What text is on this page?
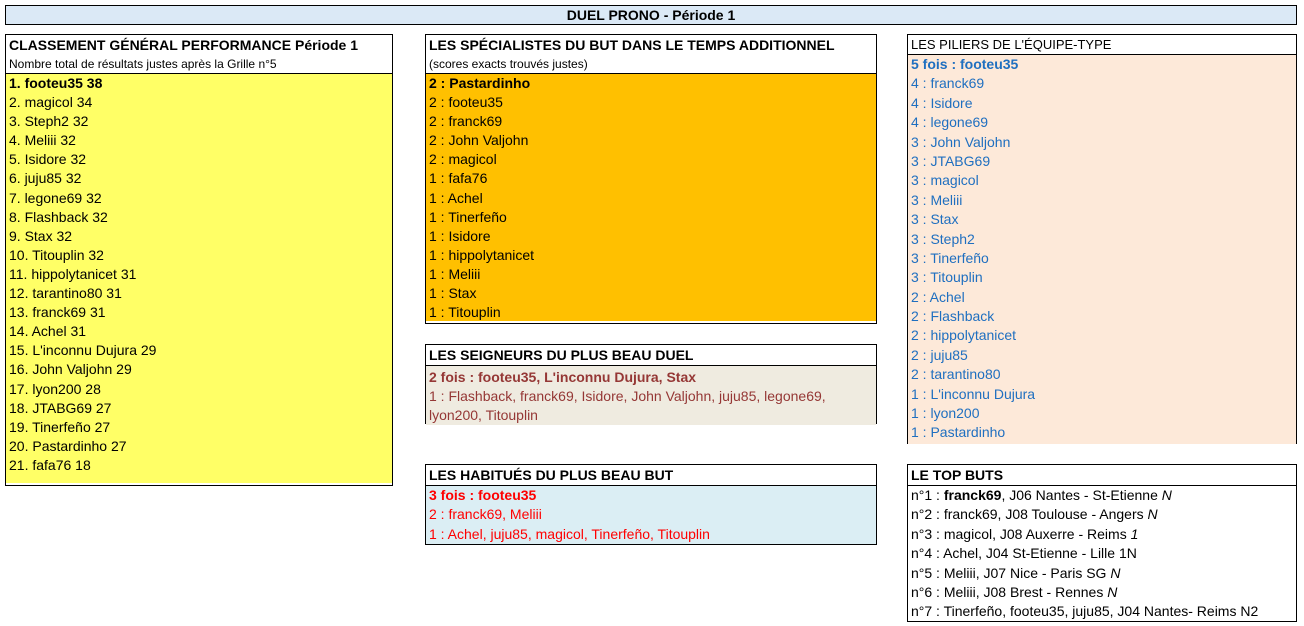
DUEL PRONO - Période 1
CLASSEMENT GÉNÉRAL PERFORMANCE Période 1
Nombre total de résultats justes après la Grille n°5
1. footeu35 38
2. magicol 34
3. Steph2 32
4. Meliii 32
5. Isidore 32
6. juju85 32
7. legone69 32
8. Flashback 32
9. Stax 32
10. Titouplin 32
11. hippolytanicet 31
12. tarantino80 31
13. franck69 31
14. Achel 31
15. L'inconnu Dujura 29
16. John Valjohn 29
17. lyon200 28
18. JTABG69 27
19. Tinerfeño 27
20. Pastardinho 27
21. fafa76 18
LES SPÉCIALISTES DU BUT DANS LE TEMPS ADDITIONNEL
(scores exacts trouvés justes)
2 : Pastardinho
2 : footeu35
2 : franck69
2 : John Valjohn
2 : magicol
1 : fafa76
1 : Achel
1 : Tinerfeño
1 : Isidore
1 : hippolytanicet
1 : Meliii
1 : Stax
1 : Titouplin
LES SEIGNEURS DU PLUS BEAU DUEL
2 fois : footeu35, L'inconnu Dujura, Stax
1 : Flashback, franck69, Isidore, John Valjohn, juju85, legone69, lyon200, Titouplin
LES HABITUÉS DU PLUS BEAU BUT
3 fois : footeu35
2 : franck69, Meliii
1 : Achel, juju85, magicol, Tinerfeño, Titouplin
LES PILIERS DE L'ÉQUIPE-TYPE
5 fois : footeu35
4 : franck69
4 : Isidore
4 : legone69
3 : John Valjohn
3 : JTABG69
3 : magicol
3 : Meliii
3 : Stax
3 : Steph2
3 : Tinerfeño
3 : Titouplin
2 : Achel
2 : Flashback
2 : hippolytanicet
2 : juju85
2 : tarantino80
1 : L'inconnu Dujura
1 : lyon200
1 : Pastardinho
LE TOP BUTS
n°1 : franck69, J06 Nantes - St-Etienne N
n°2 : franck69, J08 Toulouse - Angers N
n°3 : magicol, J08 Auxerre - Reims 1
n°4 : Achel, J04 St-Etienne - Lille 1N
n°5 : Meliii, J07 Nice - Paris SG N
n°6 : Meliii, J08 Brest - Rennes N
n°7 : Tinerfeño, footeu35, juju85, J04 Nantes- Reims N2
